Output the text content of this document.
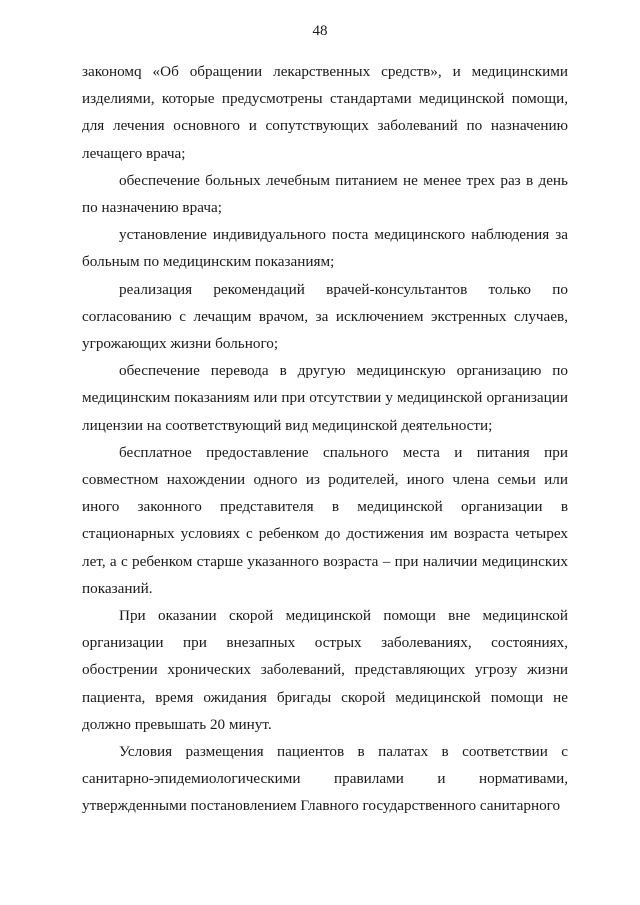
48

закономq «Об обращении лекарственных средств», и медицинскими изделиями, которые предусмотрены стандартами медицинской помощи, для лечения основного и сопутствующих заболеваний по назначению лечащего врача;

обеспечение больных лечебным питанием не менее трех раз в день по назначению врача;

установление индивидуального поста медицинского наблюдения за больным по медицинским показаниям;

реализация рекомендаций врачей-консультантов только по согласованию с лечащим врачом, за исключением экстренных случаев, угрожающих жизни больного;

обеспечение перевода в другую медицинскую организацию по медицинским показаниям или при отсутствии у медицинской организации лицензии на соответствующий вид медицинской деятельности;

бесплатное предоставление спального места и питания при совместном нахождении одного из родителей, иного члена семьи или иного законного представителя в медицинской организации в стационарных условиях с ребенком до достижения им возраста четырех лет, а с ребенком старше указанного возраста – при наличии медицинских показаний.

При оказании скорой медицинской помощи вне медицинской организации при внезапных острых заболеваниях, состояниях, обострении хронических заболеваний, представляющих угрозу жизни пациента, время ожидания бригады скорой медицинской помощи не должно превышать 20 минут.

Условия размещения пациентов в палатах в соответствии с санитарно-эпидемиологическими правилами и нормативами, утвержденными постановлением Главного государственного санитарного
